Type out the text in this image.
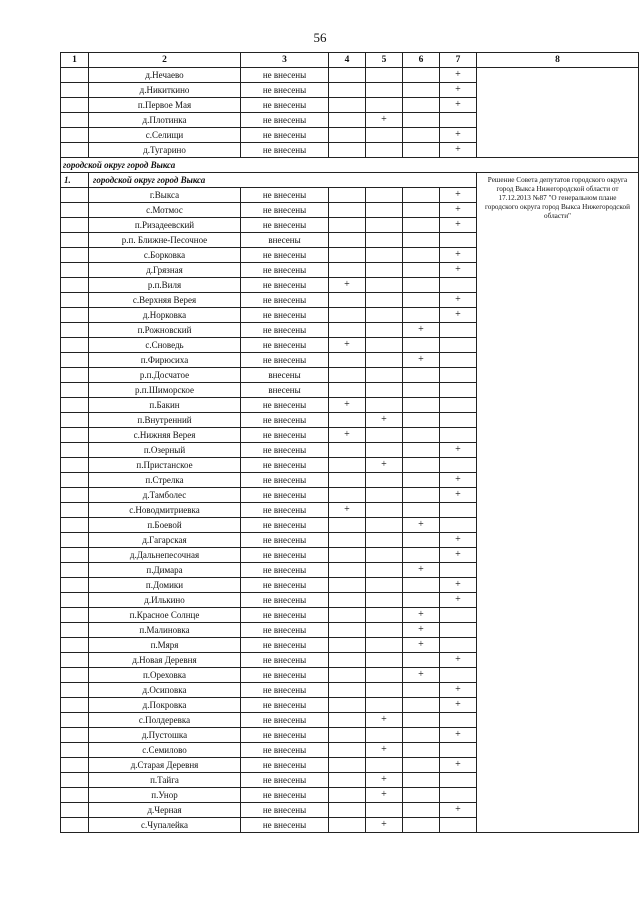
56
1	2	3	4	5	6	7	8
	д.Нечаево	не внесены				+	
	д.Никиткино	не внесены				+	
	п.Первое Мая	не внесены				+	
	д.Плотинка	не внесены		+			
	с.Селищи	не внесены				+	
	д.Тугарино	не внесены				+	
городской округ город Выкса							
1.	городской округ город Выкса						Решение Совета депутатов городского округа город Выкса Нижегородской области от 17.12.2013 №87 "О генеральном плане городского округа город Выкса Нижегородской области"
	г.Выкса	не внесены				+	
	с.Мотмос	не внесены				+	
	п.Ризадеевский	не внесены				+	
	р.п. Ближне-Песочное	внесены					
	с.Борковка	не внесены				+	
	д.Грязная	не внесены				+	
	р.п.Виля	не внесены	+				
	с.Верхняя Верея	не внесены				+	
	д.Норковка	не внесены				+	
	п.Рожновский	не внесены			+		
	с.Сноведь	не внесены	+				
	п.Фирюсиха	не внесены			+		
	р.п.Досчатое	внесены					
	р.п.Шиморское	внесены					
	п.Бакин	не внесены	+				
	п.Внутренний	не внесены		+			
	с.Нижняя Верея	не внесены	+				
	п.Озерный	не внесены				+	
	п.Пристанское	не внесены		+			
	п.Стрелка	не внесены				+	
	д.Тамболес	не внесены				+	
	с.Новодмитриевка	не внесены	+				
	п.Боевой	не внесены			+		
	д.Гагарская	не внесены				+	
	д.Дальнепесочная	не внесены				+	
	п.Димара	не внесены			+		
	п.Домики	не внесены				+	
	д.Илькино	не внесены				+	
	п.Красное Солнце	не внесены			+		
	п.Малиновка	не внесены			+		
	п.Мяря	не внесены			+		
	д.Новая Деревня	не внесены				+	
	п.Ореховка	не внесены			+		
	д.Осиповка	не внесены				+	
	д.Покровка	не внесены				+	
	с.Полдеревка	не внесены		+			
	д.Пустошка	не внесены				+	
	с.Семилово	не внесены		+			
	д.Старая Деревня	не внесены				+	
	п.Тайга	не внесены		+			
	п.Унор	не внесены		+			
	д.Черная	не внесены				+	
	с.Чупалейка	не внесены		+			
